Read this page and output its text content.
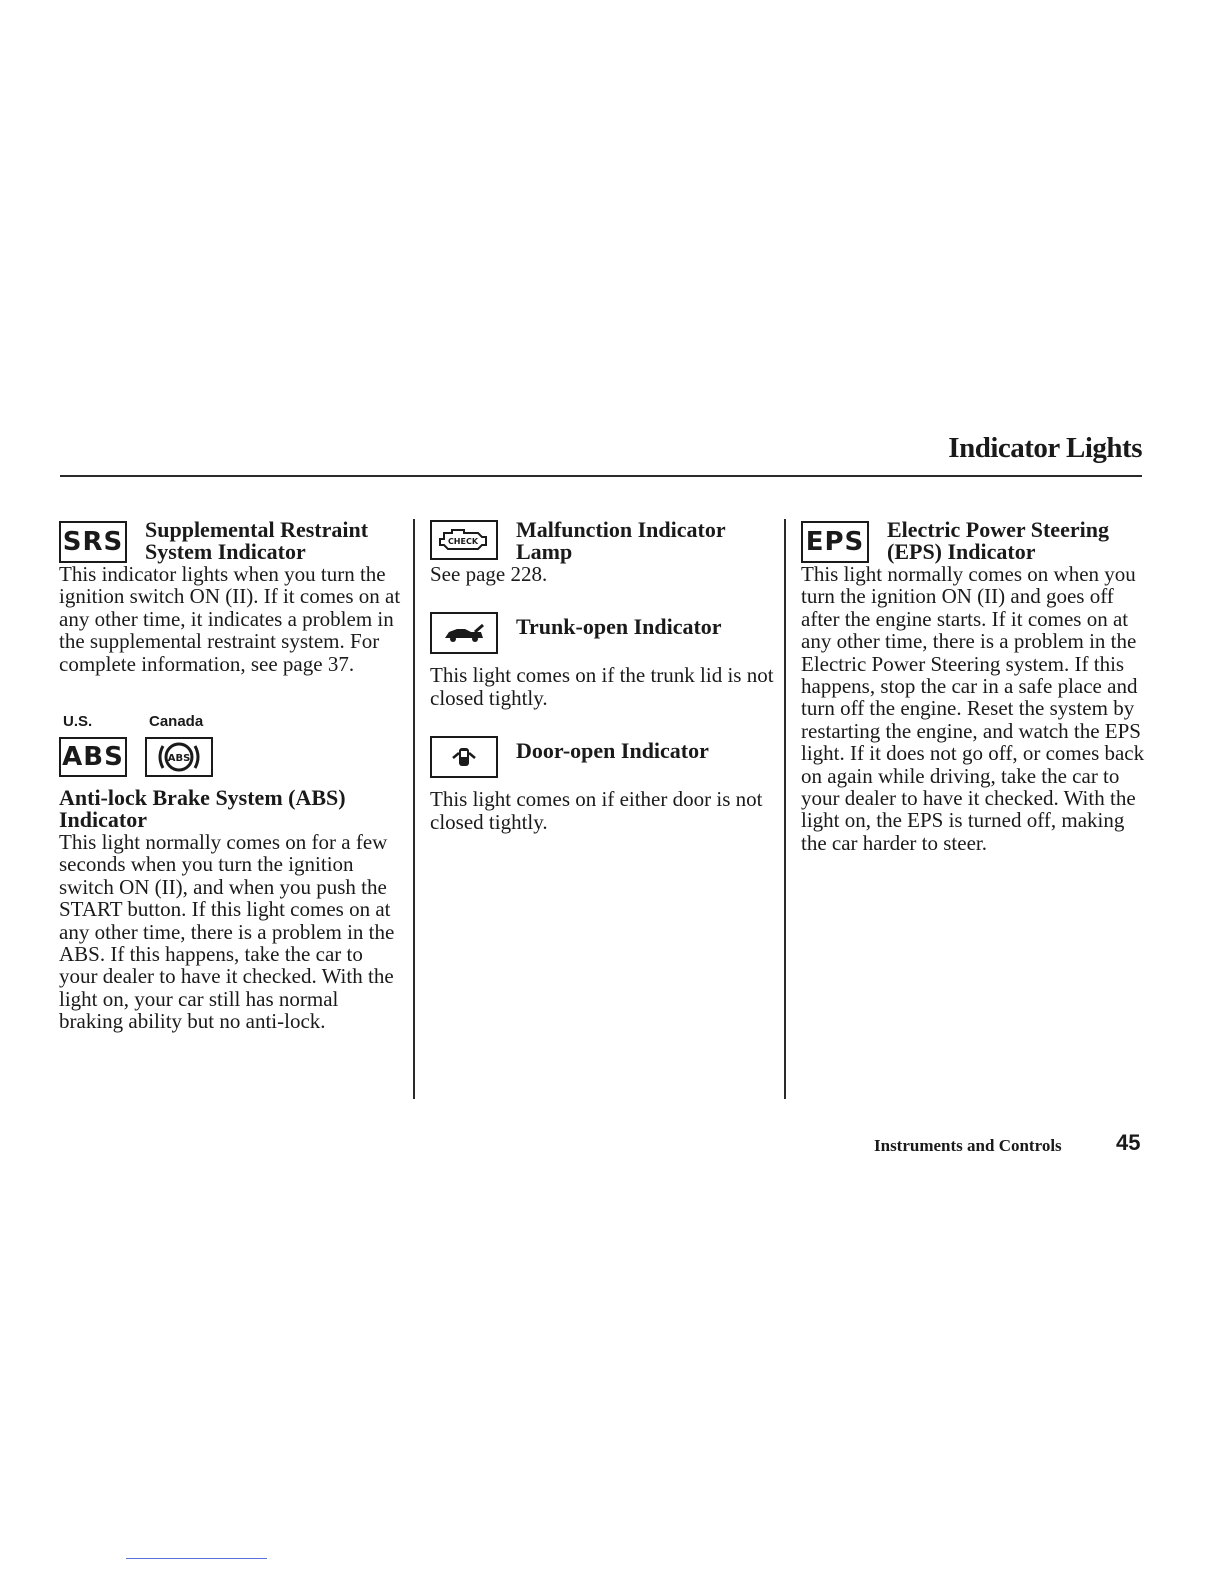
Indicator Lights
SRS Supplemental Restraint System Indicator

This indicator lights when you turn the ignition switch ON (II). If it comes on at any other time, it indicates a problem in the supplemental restraint system. For complete information, see page 37.

U.S.	Canada
ABS	ABS
Anti-lock Brake System (ABS) Indicator

This light normally comes on for a few seconds when you turn the ignition switch ON (II), and when you push the START button. If this light comes on at any other time, there is a problem in the ABS. If this happens, take the car to your dealer to have it checked. With the light on, your car still has normal braking ability but no anti-lock.

CHECK Malfunction Indicator Lamp

See page 228.

Trunk-open Indicator

This light comes on if the trunk lid is not closed tightly.

Door-open Indicator

This light comes on if either door is not closed tightly.

EPS Electric Power Steering (EPS) Indicator

This light normally comes on when you turn the ignition ON (II) and goes off after the engine starts. If it comes on at any other time, there is a problem in the Electric Power Steering system. If this happens, stop the car in a safe place and turn off the engine. Reset the system by restarting the engine, and watch the EPS light. If it does not go off, or comes back on again while driving, take the car to your dealer to have it checked. With the light on, the EPS is turned off, making the car harder to steer.

Instruments and Controls 45
